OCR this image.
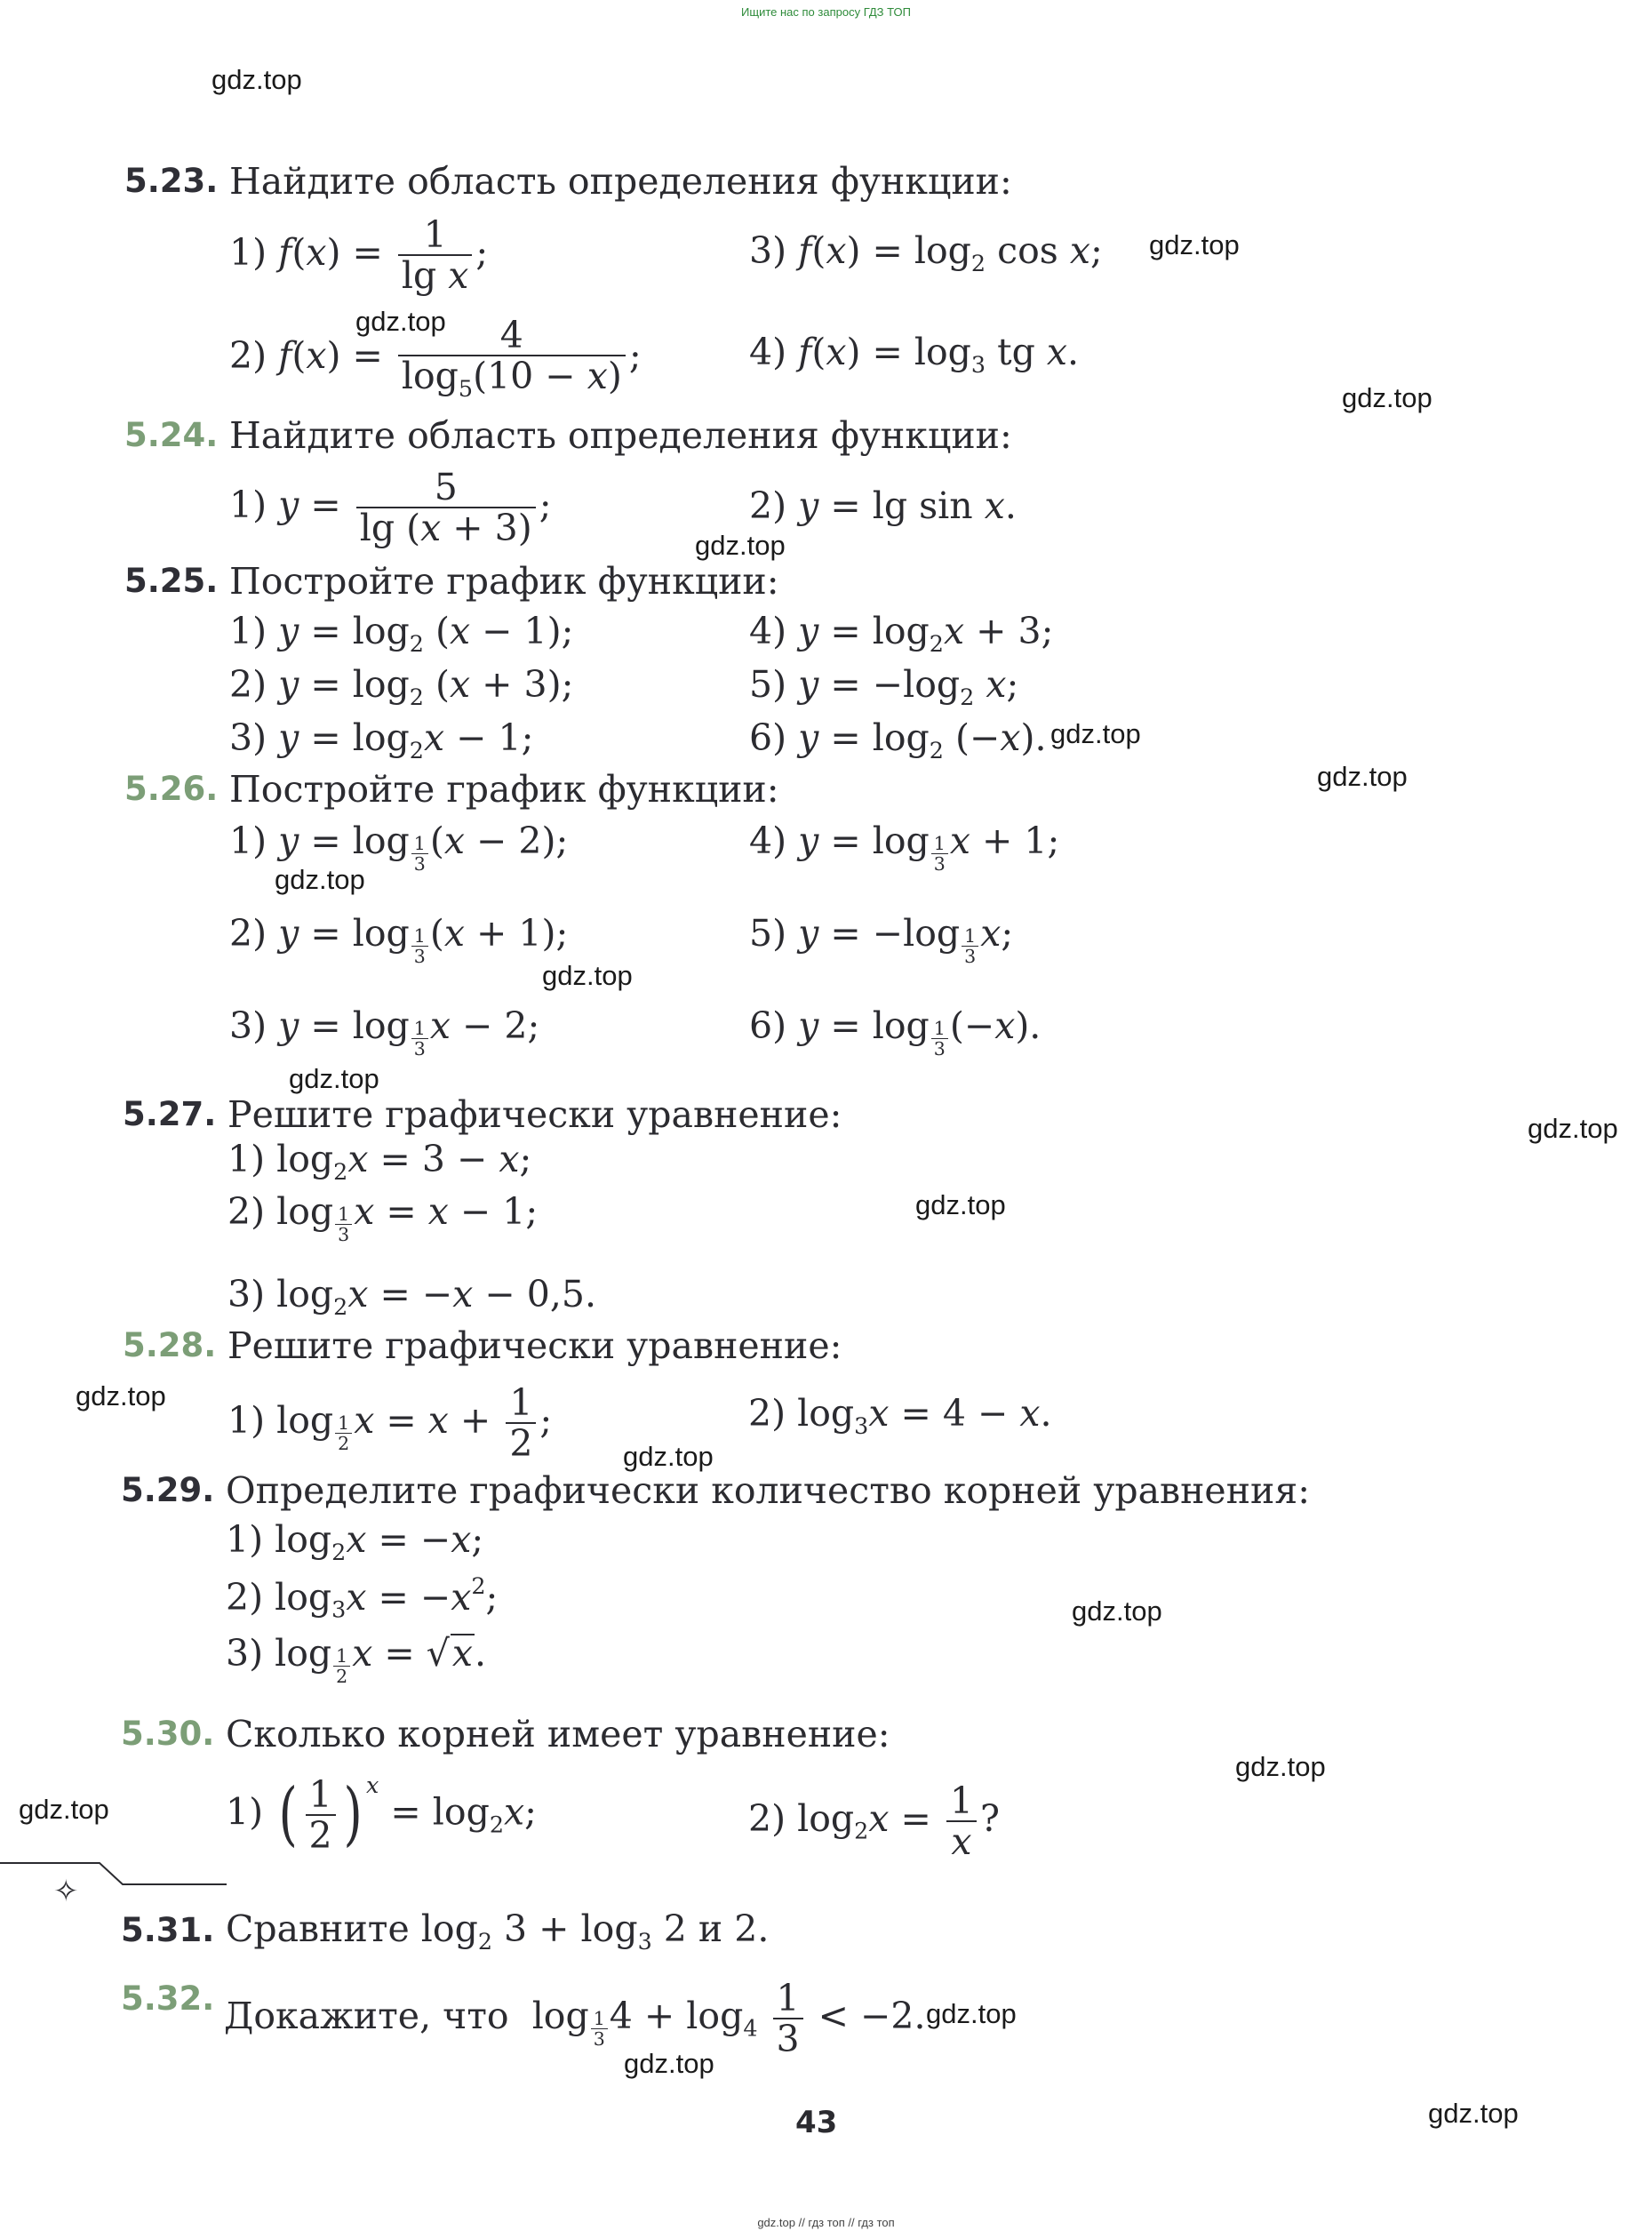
Ищите нас по запросу ГДЗ ТОП
gdz.top
gdz.top
gdz.top
gdz.top
gdz.top
gdz.top
gdz.top
gdz.top
gdz.top
gdz.top
gdz.top
gdz.top
gdz.top
gdz.top
gdz.top
gdz.top
gdz.top
gdz.top
gdz.top
gdz.top
5.23. Найдите область определения функции:
1) $f(x) = \frac{1}{\text{lg x}}$ ;	3) $f(x) = \log_2 \cos x$;
2) $f(x) = \frac{4}{\log_5(10 - x)}$ ;	4) $f(x) = \log_3$ tg x.
5.24. Найдите область определения функции:
1) $y = \frac{5}{\lg (x + 3)}$ ;	2) y = lg sin x.
5.25. Постройте график функции:
1) $y = \log_2 (x - 1)$;	4) $y = \log_2x + 3$;
2) $y = \log_2 (x + 3)$;	5) $y = -\log_2$ x;
3) $y = \log_2x - 1$;	6) $y = \log_2 (-x)$.
5.26. Постройте график функции:
1) $y = \log \frac{1}{3} (x - 2)$;	4) $y = \log \frac{1}{3}$ x + 1;
2) $y = \log \frac{1}{3} (x + 1)$;	5) $y = -\log \frac{1}{3} x$;
3) $y = \log \frac{1}{3}$ x − 2;	6) $y = \log \frac{1}{3} (-x)$.
5.27. Решите графически уравнение:
1) $\log_2x = 3 - x$;
2) $\log \frac{1}{3}$ x = x − 1;
3) $\log_2x = -x - 0,5$.
5.28. Решите графически уравнение:
1) $\log \frac{1}{2}$ $x = x + \frac{1}{2}$ ;	2) $\log_3x = 4 - x$.
5.29. Определите графически количество корней уравнения:
1) $\log_2x = -x$;
2) $\log_3x = -x^2$;
3) $\log \frac{1}{2}$ x = √x.
5.30. Сколько корней имеет уравнение:
1) ( $\frac{1}{2}$ ) $^x = \log_2x$;	2) $\log_2x = \frac{1}{x}$ ?
✧
5.31. Сравните $\log_2 3 + \log_3 2$ и 2.
5.32. Докажите, что  $\log \frac{1}{3} 4 + \log_4 \frac{1}{3} < -2$.
43
gdz.top // гдз топ // гдз топ
